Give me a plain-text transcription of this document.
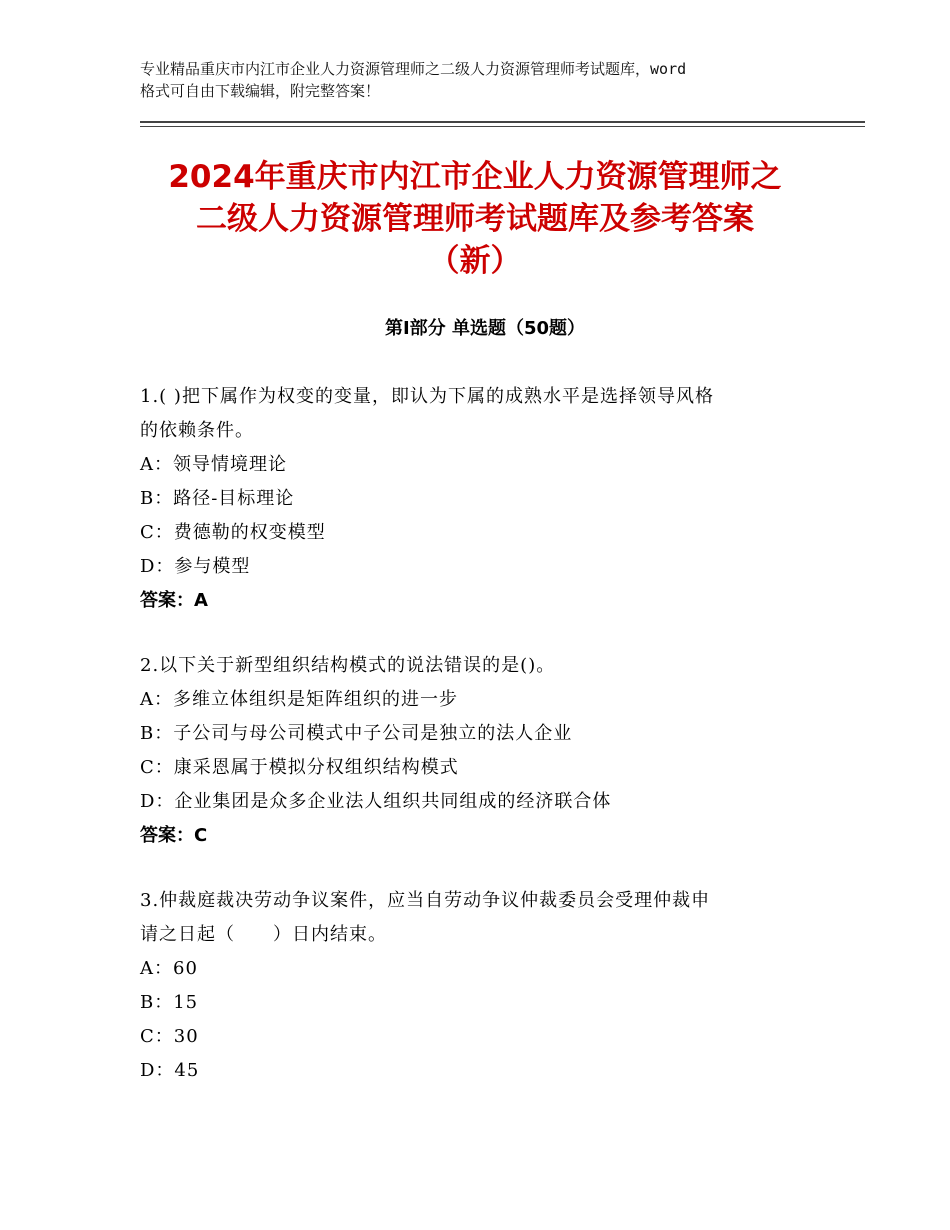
专业精品重庆市内江市企业人力资源管理师之二级人力资源管理师考试题库，word
格式可自由下载编辑，附完整答案！
2024年重庆市内江市企业人力资源管理师之
二级人力资源管理师考试题库及参考答案
（新）
第Ⅰ部分 单选题（50题）
1.( )把下属作为权变的变量，即认为下属的成熟水平是选择领导风格
的依赖条件。
A：领导情境理论
B：路径-目标理论
C：费德勒的权变模型
D：参与模型
答案：A
2.以下关于新型组织结构模式的说法错误的是()。
A：多维立体组织是矩阵组织的进一步
B：子公司与母公司模式中子公司是独立的法人企业
C：康采恩属于模拟分权组织结构模式
D：企业集团是众多企业法人组织共同组成的经济联合体
答案：C
3.仲裁庭裁决劳动争议案件，应当自劳动争议仲裁委员会受理仲裁申
请之日起（　　）日内结束。
A：60
B：15
C：30
D：45
